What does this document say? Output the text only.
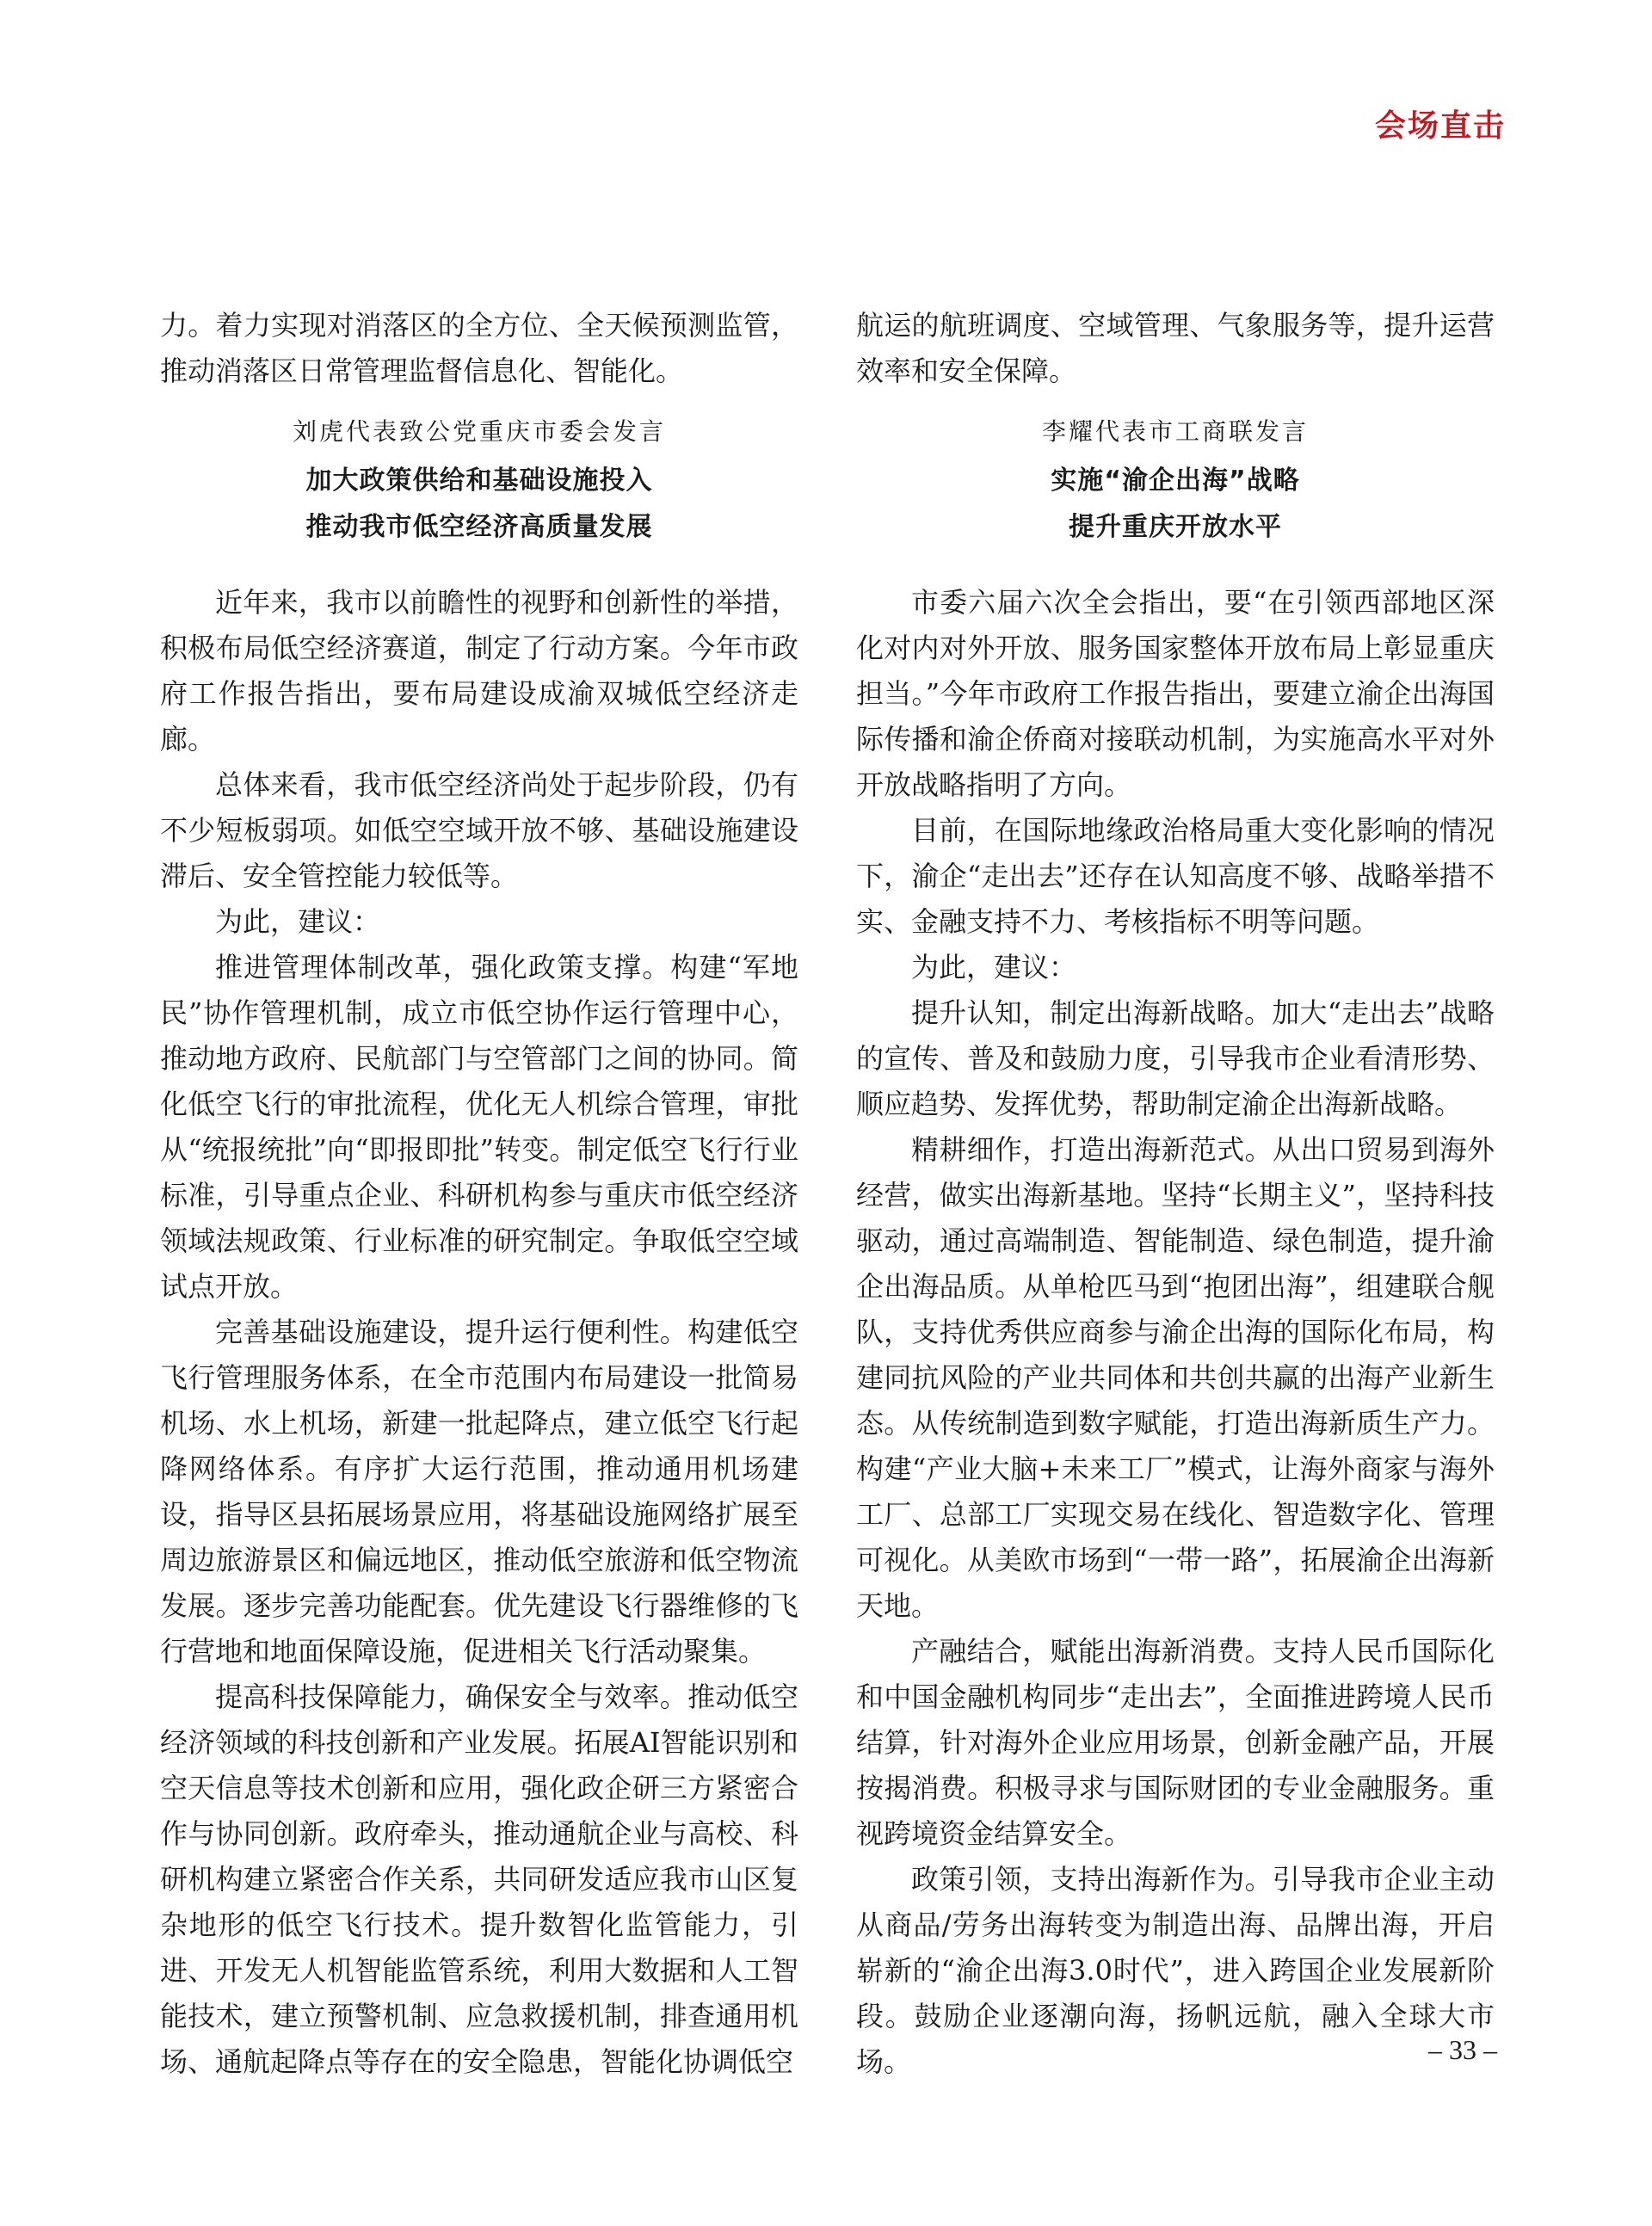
会场直击

力。着力实现对消落区的全方位、全天候预测监管，推动消落区日常管理监督信息化、智能化。

刘虎代表致公党重庆市委会发言
加大政策供给和基础设施投入
推动我市低空经济高质量发展

近年来，我市以前瞻性的视野和创新性的举措，积极布局低空经济赛道，制定了行动方案。今年市政府工作报告指出，要布局建设成渝双城低空经济走廊。

总体来看，我市低空经济尚处于起步阶段，仍有不少短板弱项。如低空空域开放不够、基础设施建设滞后、安全管控能力较低等。

为此，建议：

推进管理体制改革，强化政策支撑。构建“军地民”协作管理机制，成立市低空协作运行管理中心，推动地方政府、民航部门与空管部门之间的协同。简化低空飞行的审批流程，优化无人机综合管理，审批从“统报统批”向“即报即批”转变。制定低空飞行行业标准，引导重点企业、科研机构参与重庆市低空经济领域法规政策、行业标准的研究制定。争取低空空域试点开放。

完善基础设施建设，提升运行便利性。构建低空飞行管理服务体系，在全市范围内布局建设一批简易机场、水上机场，新建一批起降点，建立低空飞行起降网络体系。有序扩大运行范围，推动通用机场建设，指导区县拓展场景应用，将基础设施网络扩展至周边旅游景区和偏远地区，推动低空旅游和低空物流发展。逐步完善功能配套。优先建设飞行器维修的飞行营地和地面保障设施，促进相关飞行活动聚集。

提高科技保障能力，确保安全与效率。推动低空经济领域的科技创新和产业发展。拓展AI智能识别和空天信息等技术创新和应用，强化政企研三方紧密合作与协同创新。政府牵头，推动通航企业与高校、科研机构建立紧密合作关系，共同研发适应我市山区复杂地形的低空飞行技术。提升数智化监管能力，引进、开发无人机智能监管系统，利用大数据和人工智能技术，建立预警机制、应急救援机制，排查通用机场、通航起降点等存在的安全隐患，智能化协调低空

航运的航班调度、空域管理、气象服务等，提升运营效率和安全保障。

李耀代表市工商联发言
实施“渝企出海”战略
提升重庆开放水平

市委六届六次全会指出，要“在引领西部地区深化对内对外开放、服务国家整体开放布局上彰显重庆担当。”今年市政府工作报告指出，要建立渝企出海国际传播和渝企侨商对接联动机制，为实施高水平对外开放战略指明了方向。

目前，在国际地缘政治格局重大变化影响的情况下，渝企“走出去”还存在认知高度不够、战略举措不实、金融支持不力、考核指标不明等问题。

为此，建议：

提升认知，制定出海新战略。加大“走出去”战略的宣传、普及和鼓励力度，引导我市企业看清形势、顺应趋势、发挥优势，帮助制定渝企出海新战略。

精耕细作，打造出海新范式。从出口贸易到海外经营，做实出海新基地。坚持“长期主义”，坚持科技驱动，通过高端制造、智能制造、绿色制造，提升渝企出海品质。从单枪匹马到“抱团出海”，组建联合舰队，支持优秀供应商参与渝企出海的国际化布局，构建同抗风险的产业共同体和共创共赢的出海产业新生态。从传统制造到数字赋能，打造出海新质生产力。构建“产业大脑+未来工厂”模式，让海外商家与海外工厂、总部工厂实现交易在线化、智造数字化、管理可视化。从美欧市场到“一带一路”，拓展渝企出海新天地。

产融结合，赋能出海新消费。支持人民币国际化和中国金融机构同步“走出去”，全面推进跨境人民币结算，针对海外企业应用场景，创新金融产品，开展按揭消费。积极寻求与国际财团的专业金融服务。重视跨境资金结算安全。

政策引领，支持出海新作为。引导我市企业主动从商品/劳务出海转变为制造出海、品牌出海，开启崭新的“渝企出海3.0时代”，进入跨国企业发展新阶段。鼓励企业逐潮向海，扬帆远航，融入全球大市场。	– 33 –
